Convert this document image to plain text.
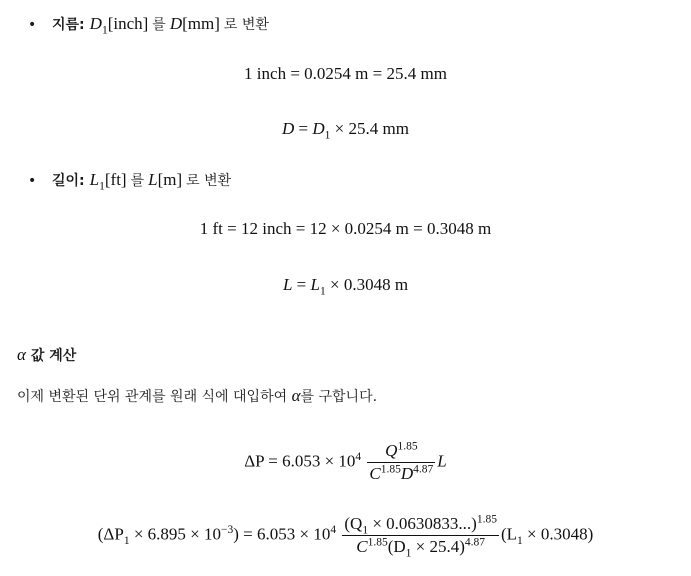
•	지름: $D_1[inch]$ 를 D[mm] 로 변환
1 inch = 0.0254 m = 25.4 mm
$D = D_1 \times 25.4$ mm
•	길이: $L_1[ft]$ 를 L[m] 로 변환
1 ft = 12 inch = 12 × 0.0254 m = 0.3048 m
$L = L_1 \times 0.3048$ m
α 값 계산
이제 변환된 단위 관계를 원래 식에 대입하여 α를 구합니다.
$\Delta P = 6.053 \times 10^4 \frac{Q^{1.85}}{C^{1.85}D^{4.87}}$ L
$(\Delta P_1 \times 6.895 \times 10^{-3}) = 6.053 \times 10^4 \frac{(Q_1 \times 0.0630833...)^{1.85}}{C^{1.85}(D_1 \times 25.4)^{4.87}} (L_1 \times 0.3048)$
